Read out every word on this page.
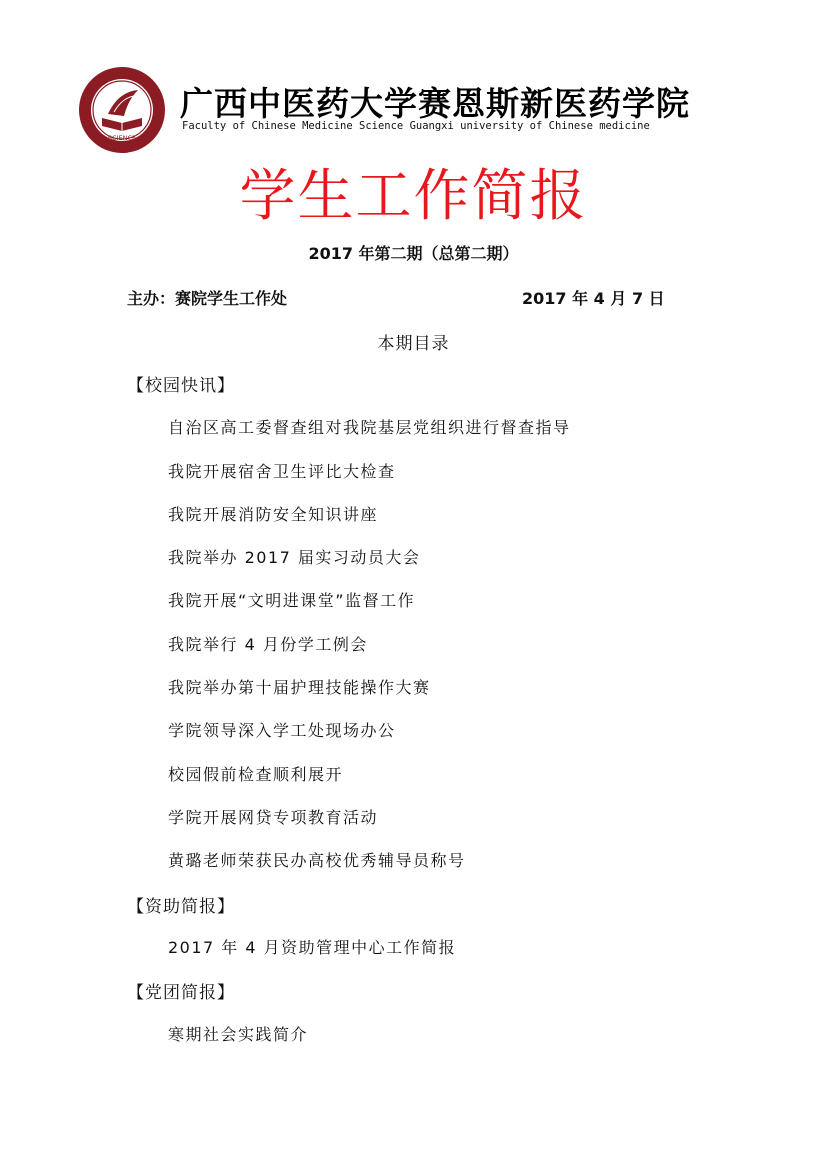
SCIENCE
广西中医药大学赛恩斯新医药学院
Faculty of Chinese Medicine Science Guangxi university of Chinese medicine
学生工作简报
2017 年第二期（总第二期）
主办：赛院学生工作处	2017 年 4 月 7 日
本期目录
【校园快讯】
自治区高工委督查组对我院基层党组织进行督查指导
我院开展宿舍卫生评比大检查
我院开展消防安全知识讲座
我院举办 2017 届实习动员大会
我院开展“文明进课堂”监督工作
我院举行 4 月份学工例会
我院举办第十届护理技能操作大赛
学院领导深入学工处现场办公
校园假前检查顺利展开
学院开展网贷专项教育活动
黄璐老师荣获民办高校优秀辅导员称号
【资助简报】
2017 年 4 月资助管理中心工作简报
【党团简报】
寒期社会实践简介
